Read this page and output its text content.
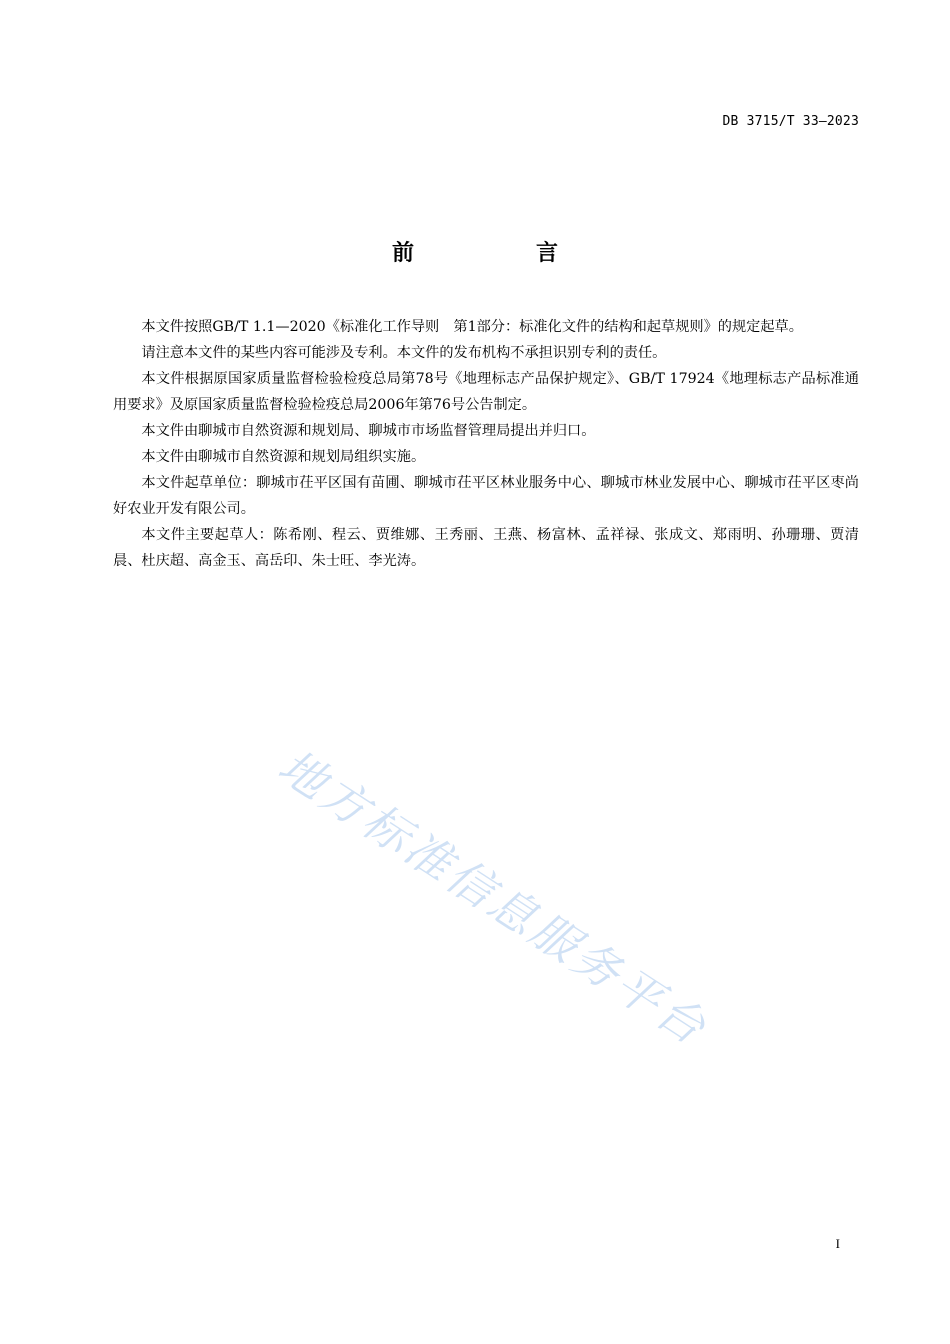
DB 3715/T 33—2023
前　言

本文件按照GB/T 1.1—2020《标准化工作导则　第1部分：标准化文件的结构和起草规则》的规定起草。

请注意本文件的某些内容可能涉及专利。本文件的发布机构不承担识别专利的责任。

本文件根据原国家质量监督检验检疫总局第78号《地理标志产品保护规定》、GB/T 17924《地理标志产品标准通用要求》及原国家质量监督检验检疫总局2006年第76号公告制定。

本文件由聊城市自然资源和规划局、聊城市市场监督管理局提出并归口。

本文件由聊城市自然资源和规划局组织实施。

本文件起草单位：聊城市茌平区国有苗圃、聊城市茌平区林业服务中心、聊城市林业发展中心、聊城市茌平区枣尚好农业开发有限公司。

本文件主要起草人：陈希刚、程云、贾维娜、王秀丽、王燕、杨富林、孟祥禄、张成文、郑雨明、孙珊珊、贾清晨、杜庆超、高金玉、高岳印、朱士旺、李光涛。

地方标准信息服务平台
I
